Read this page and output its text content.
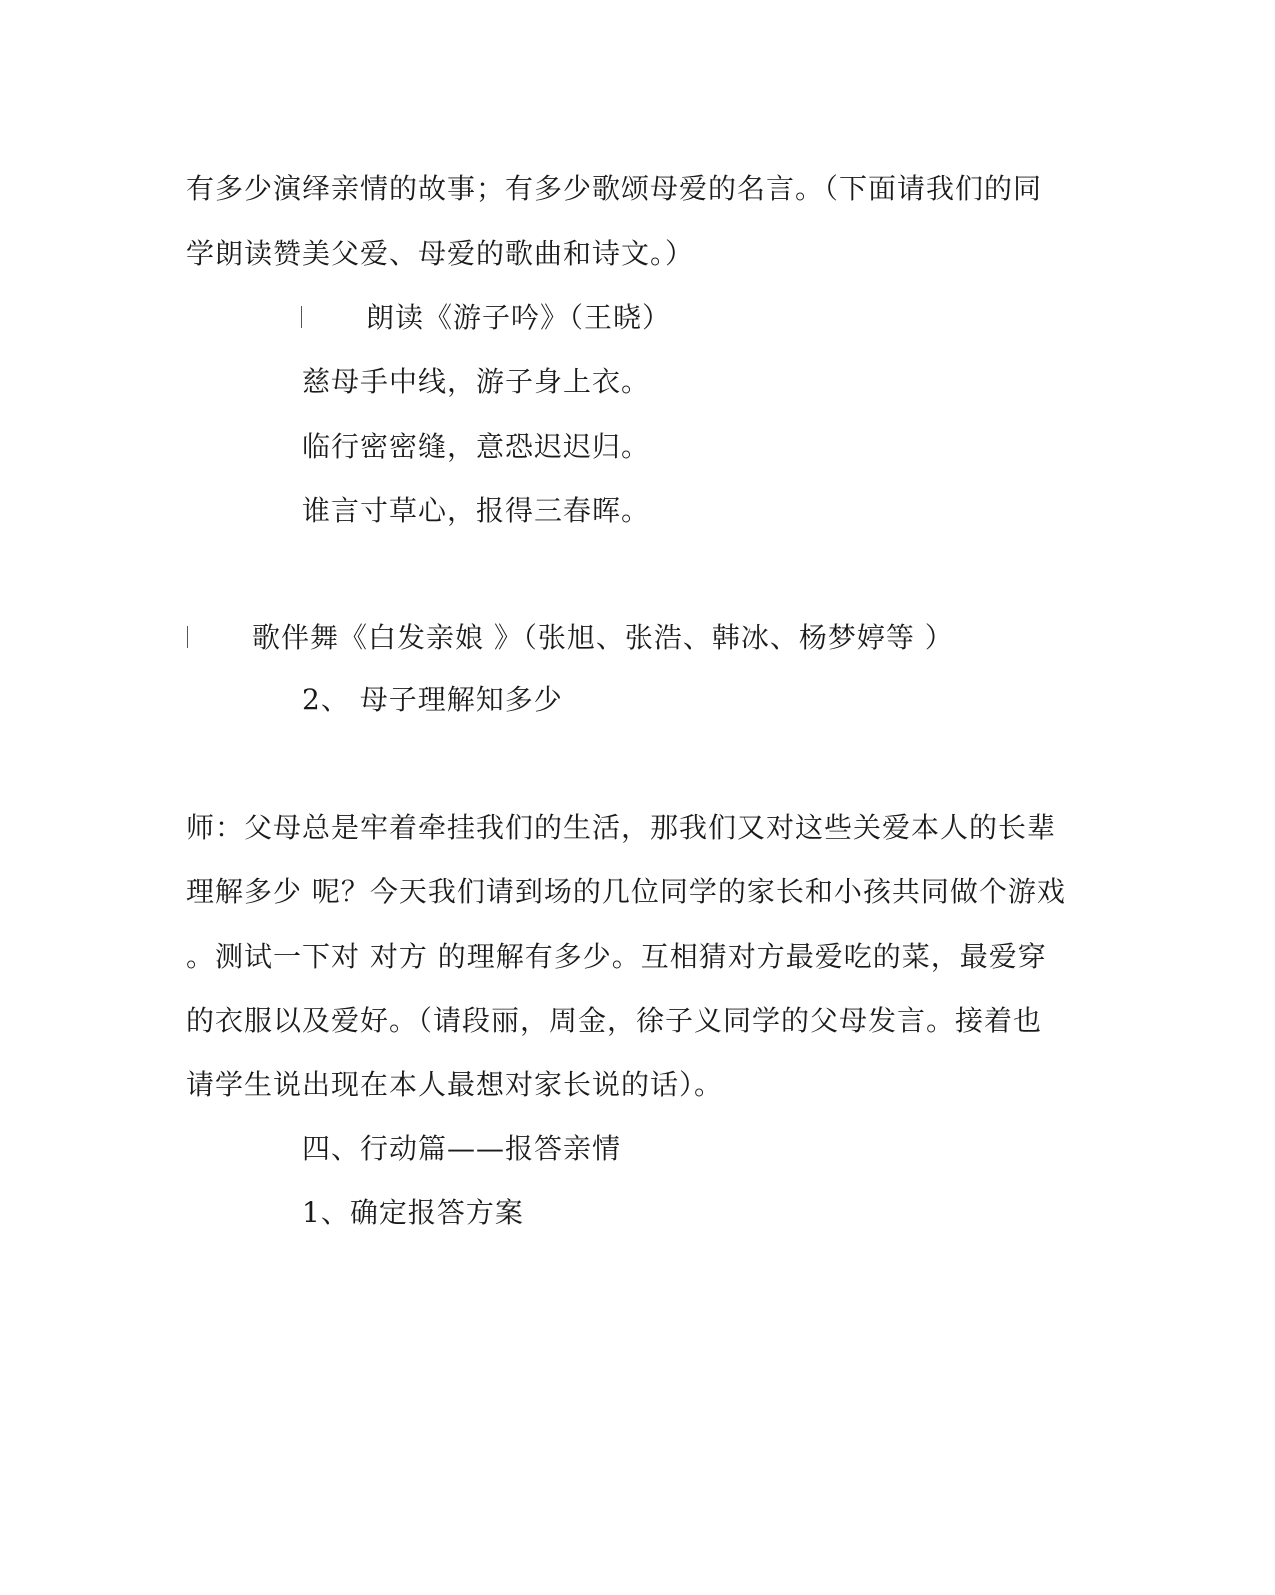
有多少演绎亲情的故事；有多少歌颂母爱的名言。（下面请我们的同
学朗读赞美父爱、母爱的歌曲和诗文。）
朗读《游子吟》（王晓）
慈母手中线，游子身上衣。
临行密密缝，意恐迟迟归。
谁言寸草心，报得三春晖。
歌伴舞《白发亲娘 》（张旭、张浩、韩冰、杨梦婷等 ）
2、 母子理解知多少
师：父母总是牢着牵挂我们的生活，那我们又对这些关爱本人的长辈
理解多少 呢？今天我们请到场的几位同学的家长和小孩共同做个游戏
。测试一下对 对方 的理解有多少。互相猜对方最爱吃的菜，最爱穿
的衣服以及爱好。（请段丽，周金，徐子义同学的父母发言。接着也
请学生说出现在本人最想对家长说的话）。
四、行动篇——报答亲情
1、确定报答方案
